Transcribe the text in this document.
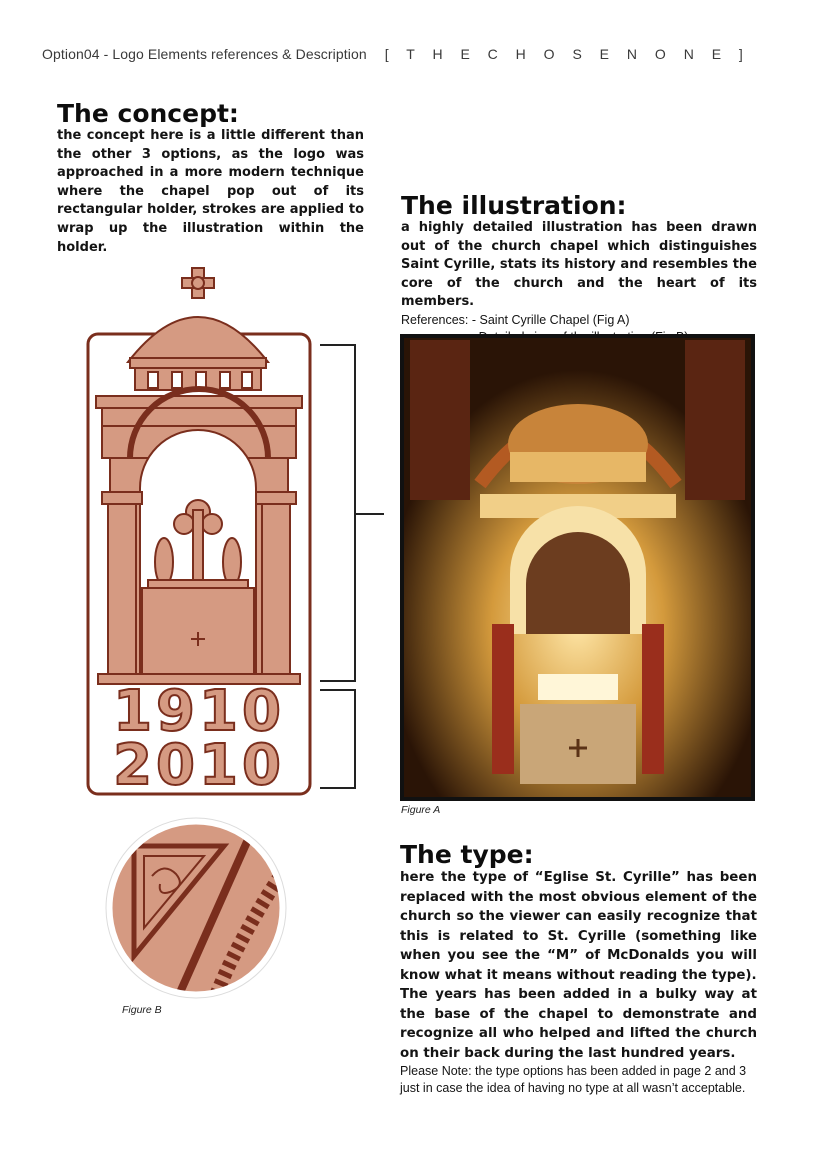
Option04 - Logo Elements references & Description [ T H E C H O S E N O N E ]
The concept:
the concept here is a little different than the other 3 options, as the logo was approached in a more modern technique where the chapel pop out of its rectangular holder, strokes are applied to wrap up the illustration within the holder.
The illustration:
a highly detailed illustration has been drawn out of the church chapel which distinguishes Saint Cyrille, stats its history and resembles the core of the church and the heart of its members.
References: - Saint Cyrille Chapel (Fig A)
1910
2010
Figure A
Figure B
The type:
here the type of “Eglise St. Cyrille” has been replaced with the most obvious element of the church so the viewer can easily recognize that this is related to St. Cyrille (something like when you see the “M” of McDonalds you will know what it means without reading the type).
The years has been added in a bulky way at the base of the chapel to demonstrate and recognize all who helped and lifted the church on their back during the last hundred years.
Please Note: the type options has been added in page 2 and 3 just in case the idea of having no type at all wasn’t acceptable.
